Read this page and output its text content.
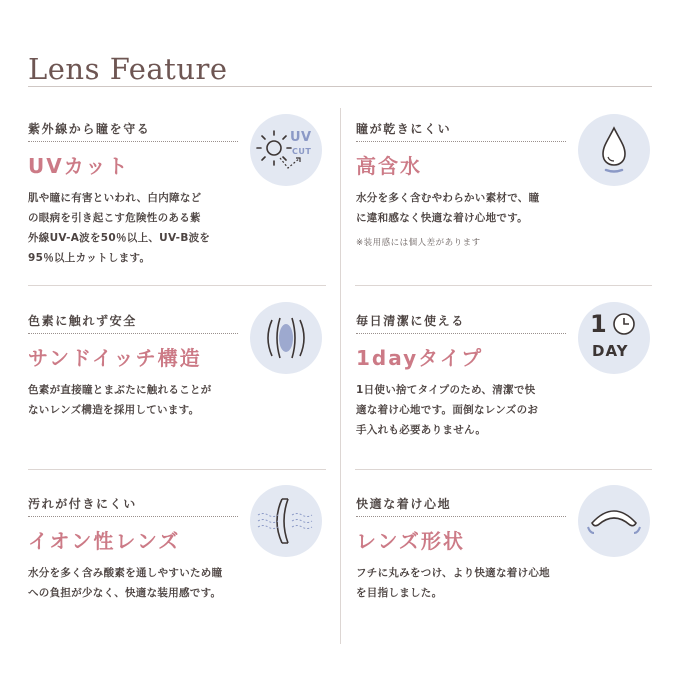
Lens Feature
紫外線から瞳を守る
UVカット
肌や瞳に有害といわれ、白内障など
の眼病を引き起こす危険性のある紫
外線UV-A波を50％以上、UV-B波を
95％以上カットします。
UV
CUT
瞳が乾きにくい
高含水
水分を多く含むやわらかい素材で、瞳
に違和感なく快適な着け心地です。
※装用感には個人差があります
色素に触れず安全
サンドイッチ構造
色素が直接瞳とまぶたに触れることが
ないレンズ構造を採用しています。
毎日清潔に使える
1dayタイプ
1日使い捨てタイプのため、清潔で快
適な着け心地です。面倒なレンズのお
手入れも必要ありません。
1
DAY
汚れが付きにくい
イオン性レンズ
水分を多く含み酸素を通しやすいため瞳
への負担が少なく、快適な装用感です。
快適な着け心地
レンズ形状
フチに丸みをつけ、より快適な着け心地
を目指しました。
